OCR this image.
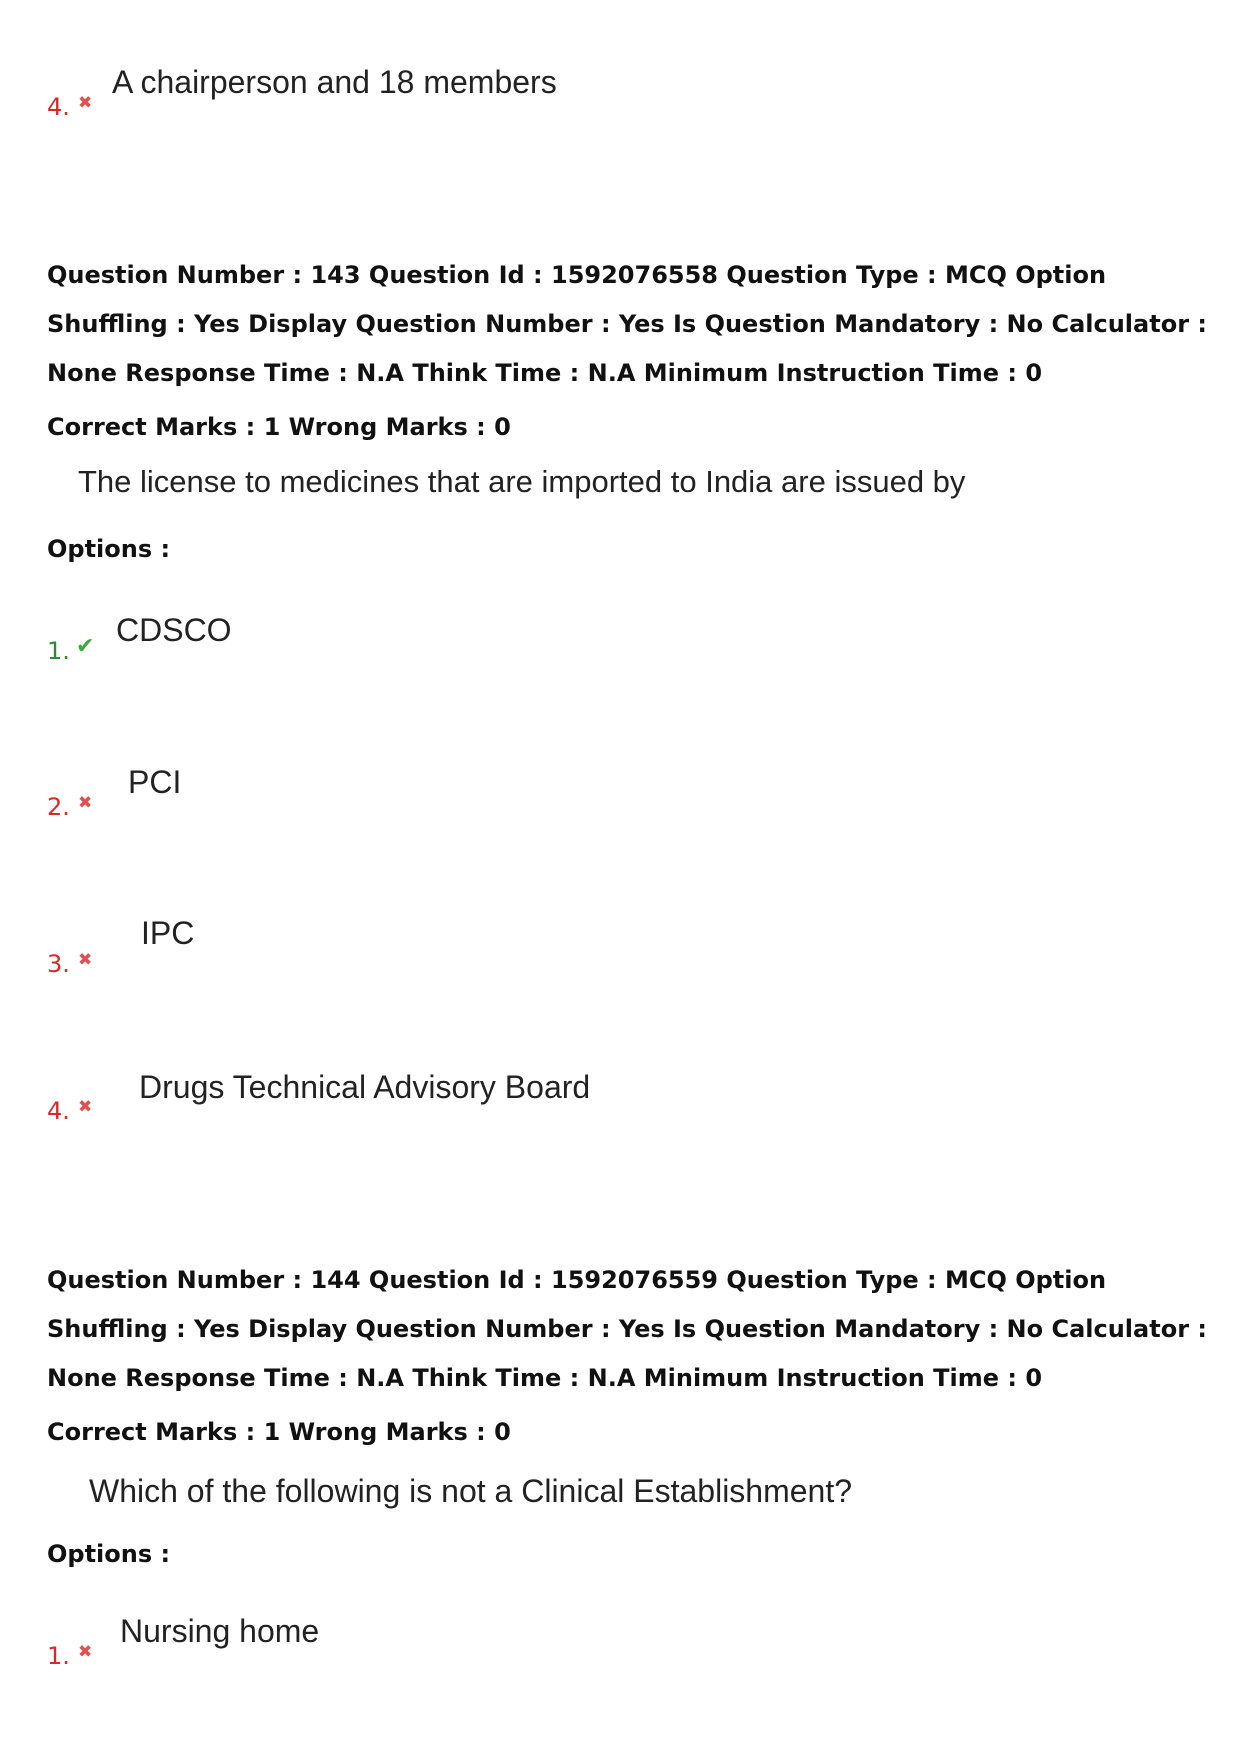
4. ✖
A chairperson and 18 members
Question Number : 143 Question Id : 1592076558 Question Type : MCQ Option Shuffling : Yes Display Question Number : Yes Is Question Mandatory : No Calculator : None Response Time : N.A Think Time : N.A Minimum Instruction Time : 0
Correct Marks : 1 Wrong Marks : 0
The license to medicines that are imported to India are issued by
Options :
1. ✔ CDSCO
2. ✖
PCI
3. ✖
IPC
4. ✖
Drugs Technical Advisory Board
Question Number : 144 Question Id : 1592076559 Question Type : MCQ Option Shuffling : Yes Display Question Number : Yes Is Question Mandatory : No Calculator : None Response Time : N.A Think Time : N.A Minimum Instruction Time : 0
Correct Marks : 1 Wrong Marks : 0
Which of the following is not a Clinical Establishment?
Options :
1. ✖
Nursing home
